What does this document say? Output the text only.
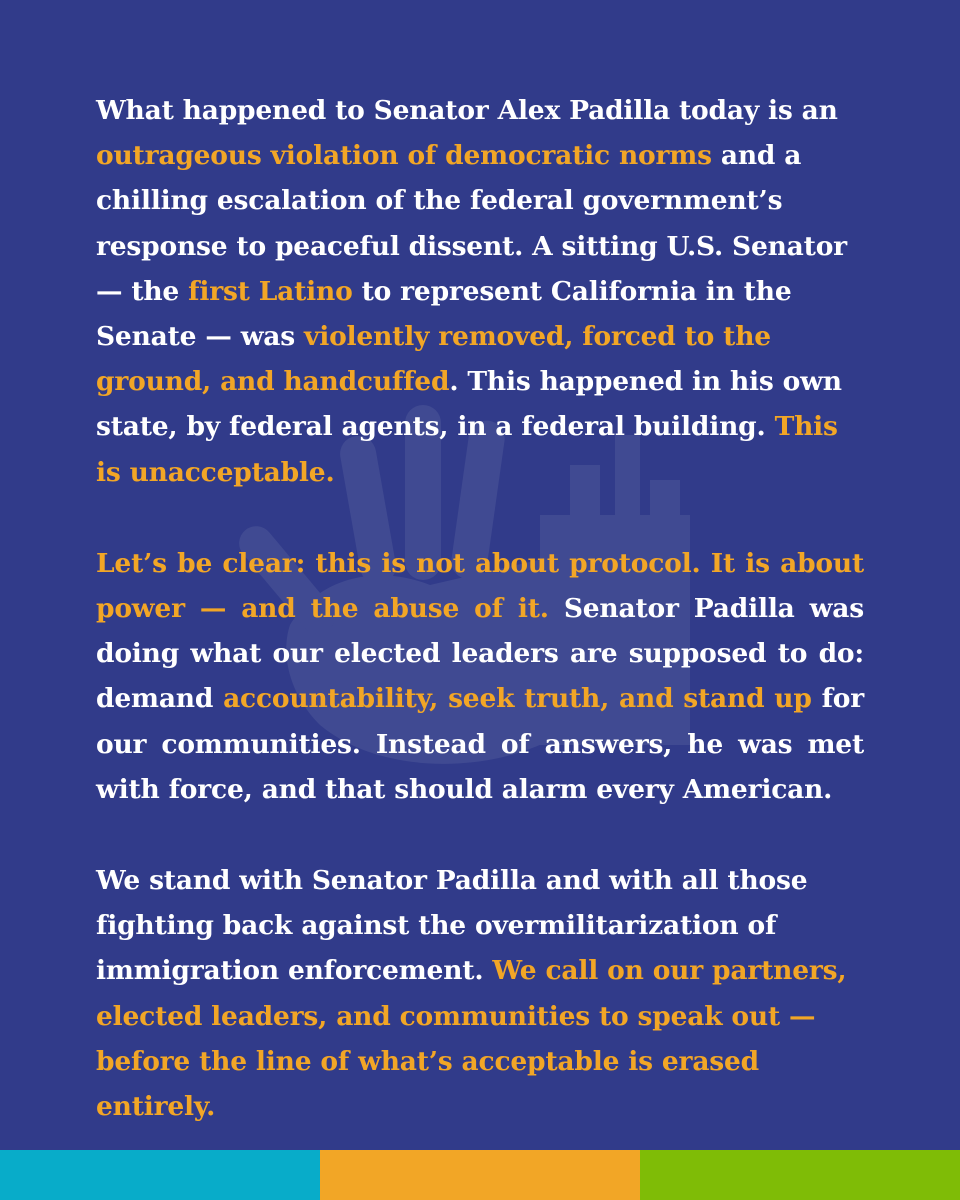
What happened to Senator Alex Padilla today is an outrageous violation of democratic norms and a chilling escalation of the federal government’s response to peaceful dissent. A sitting U.S. Senator — the first Latino to represent California in the Senate — was violently removed, forced to the ground, and handcuffed. This happened in his own state, by federal agents, in a federal building. This is unacceptable.

Let’s be clear: this is not about protocol. It is about power — and the abuse of it. Senator Padilla was doing what our elected leaders are supposed to do: demand accountability, seek truth, and stand up for our communities. Instead of answers, he was met with force, and that should alarm every American.

We stand with Senator Padilla and with all those fighting back against the overmilitarization of immigration enforcement. We call on our partners, elected leaders, and communities to speak out — before the line of what’s acceptable is erased entirely.
